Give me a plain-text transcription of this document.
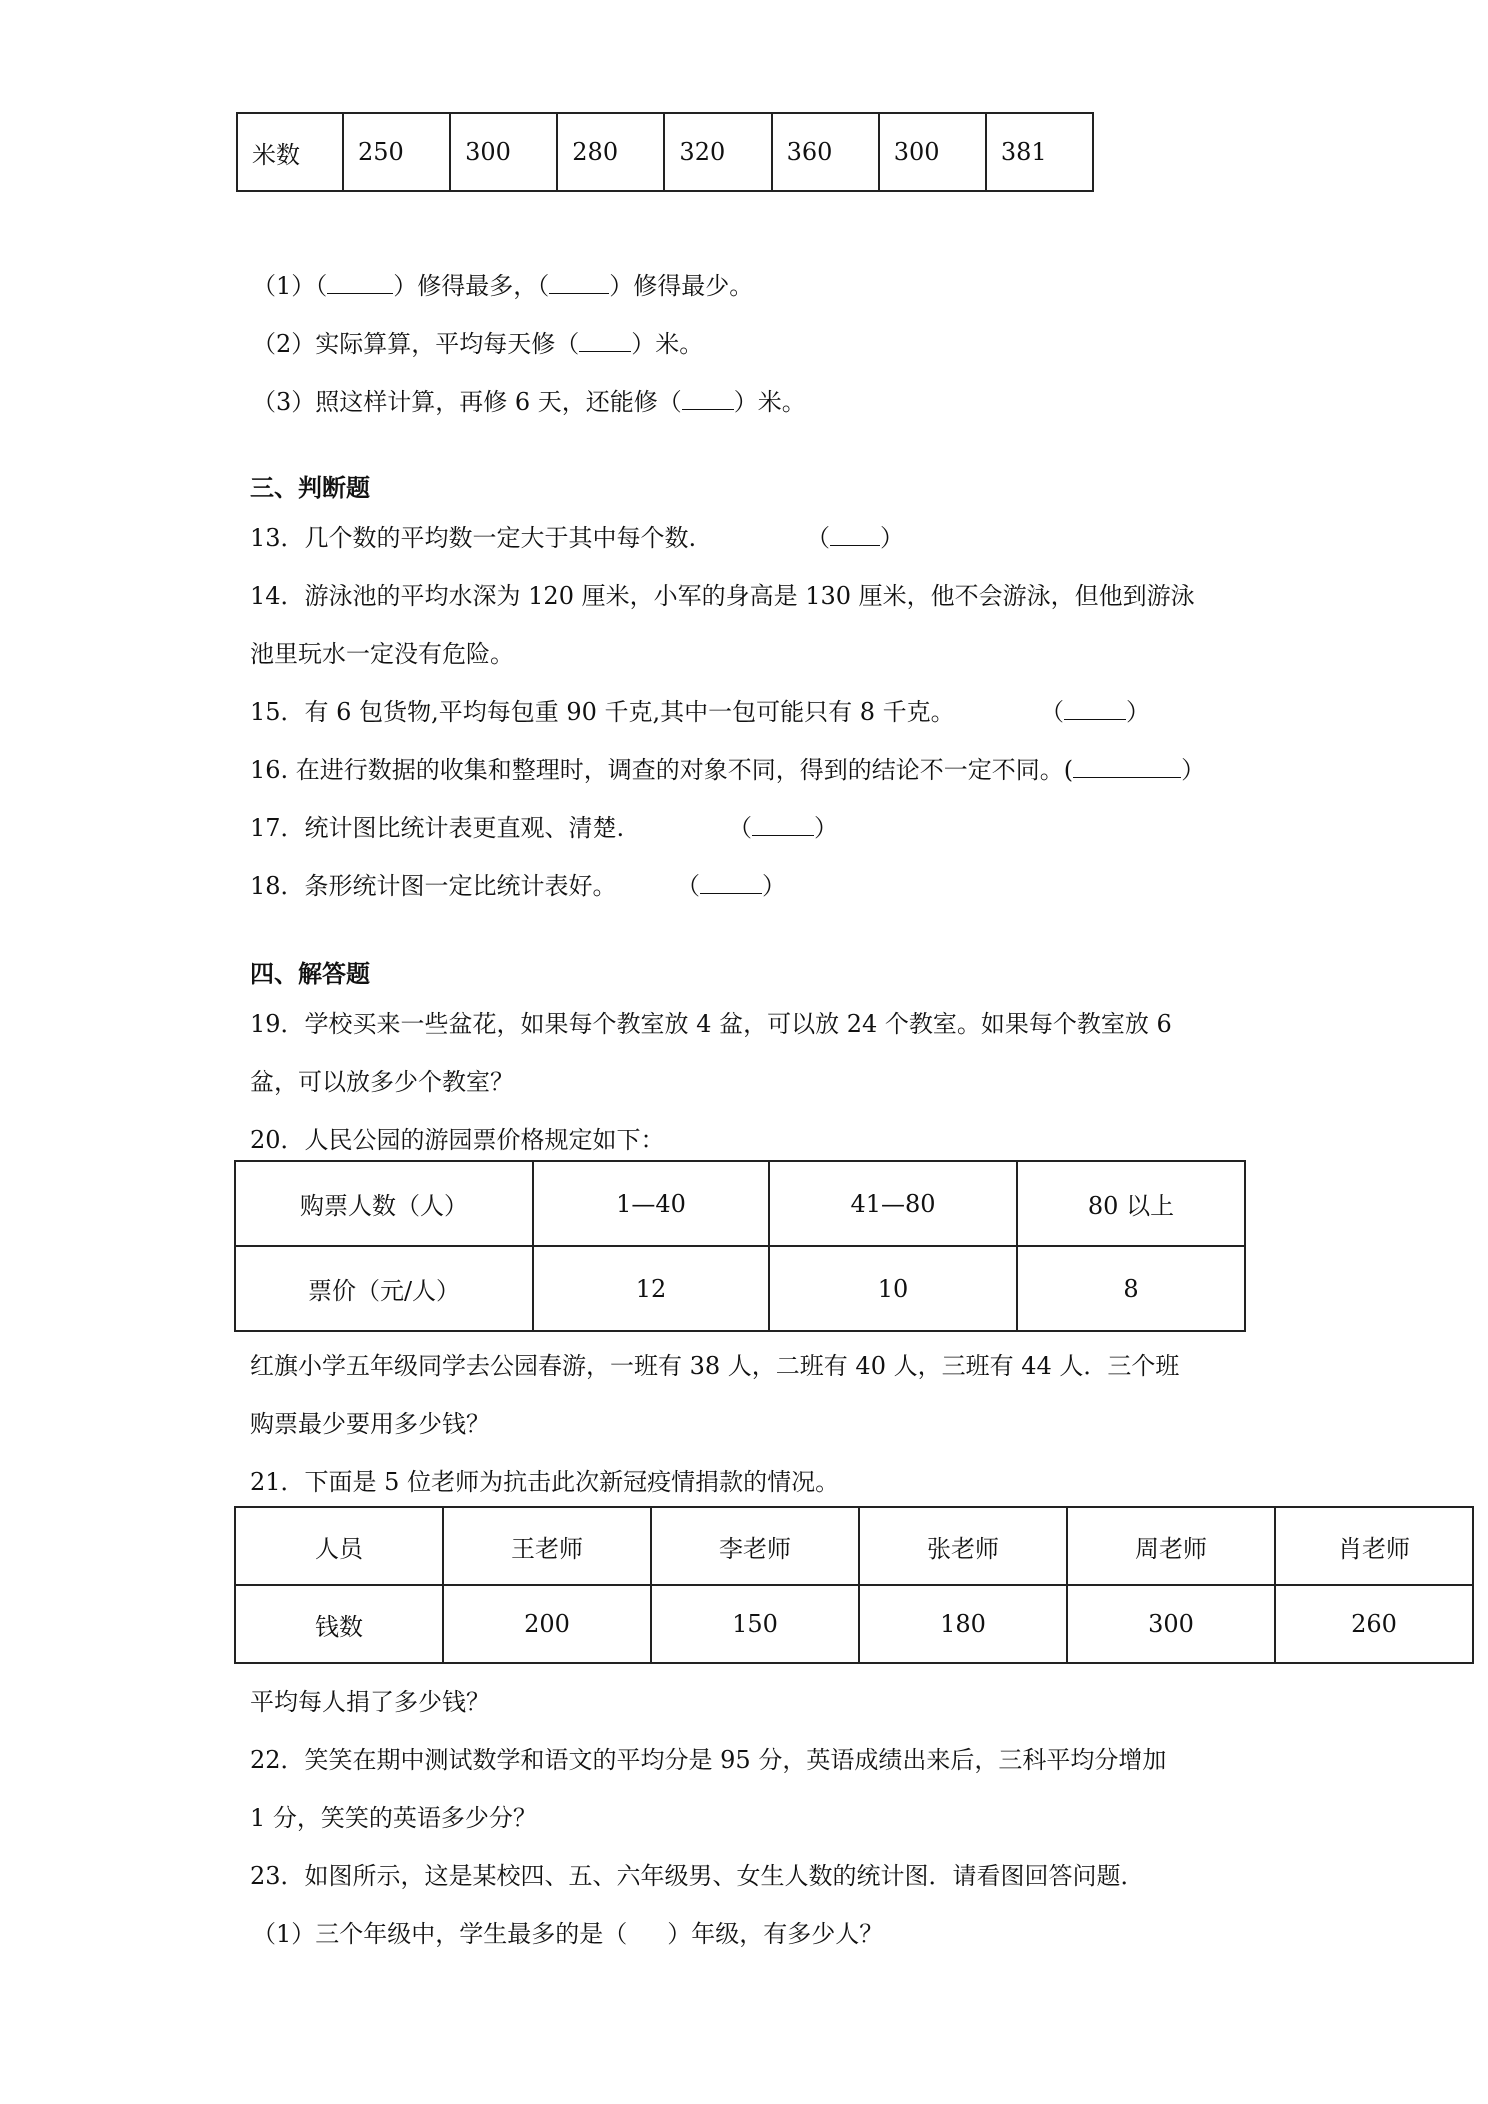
米数	250	300	280	320	360	300	381
（1）（	）修得最多，（	）修得最少。
（2）实际算算，平均每天修（ ）米。
（3）照这样计算，再修 6 天，还能修（ ）米。
三、判断题
13．几个数的平均数一定大于其中每个数.	（ ）
14．游泳池的平均水深为 120 厘米，小军的身高是 130 厘米，他不会游泳，但他到游泳
池里玩水一定没有危险。
15．有 6 包货物,平均每包重 90 千克,其中一包可能只有 8 千克。	（	）
16. 在进行数据的收集和整理时，调查的对象不同，得到的结论不一定不同。(	）
17．统计图比统计表更直观、清楚.	（	）
18．条形统计图一定比统计表好。 （	）
四、解答题
19．学校买来一些盆花，如果每个教室放 4 盆，可以放 24 个教室。如果每个教室放 6
盆，可以放多少个教室？
20．人民公园的游园票价格规定如下：
购票人数（人）	1—40	41—80	80 以上
票价（元/人）	12	10	8
红旗小学五年级同学去公园春游，一班有 38 人，二班有 40 人，三班有 44 人．三个班
购票最少要用多少钱？
21．下面是 5 位老师为抗击此次新冠疫情捐款的情况。
人员	王老师	李老师	张老师	周老师	肖老师
钱数	200	150	180	300	260
平均每人捐了多少钱？
22．笑笑在期中测试数学和语文的平均分是 95 分，英语成绩出来后，三科平均分增加
1 分，笑笑的英语多少分？
23．如图所示，这是某校四、五、六年级男、女生人数的统计图．请看图回答问题．
（1）三个年级中，学生最多的是（ ）年级，有多少人？
